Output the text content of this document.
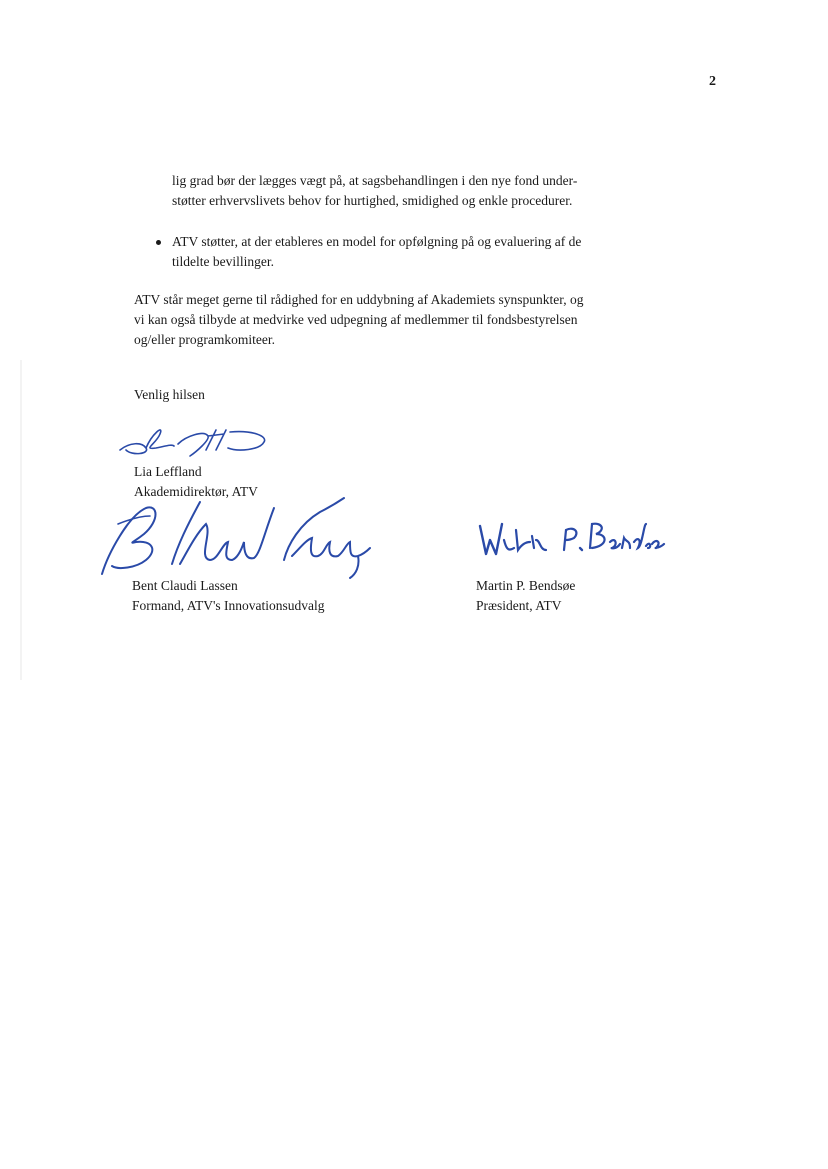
2
lig grad bør der lægges vægt på, at sagsbehandlingen i den nye fond under-
støtter erhvervslivets behov for hurtighed, smidighed og enkle procedurer.
ATV støtter, at der etableres en model for opfølgning på og evaluering af de
tildelte bevillinger.
ATV står meget gerne til rådighed for en uddybning af Akademiets synspunkter, og
vi kan også tilbyde at medvirke ved udpegning af medlemmer til fondsbestyrelsen
og/eller programkomiteer.
Venlig hilsen
Lia Leffland
Akademidirektør, ATV
Bent Claudi Lassen
Formand, ATV's Innovationsudvalg
Martin P. Bendsøe
Præsident, ATV
